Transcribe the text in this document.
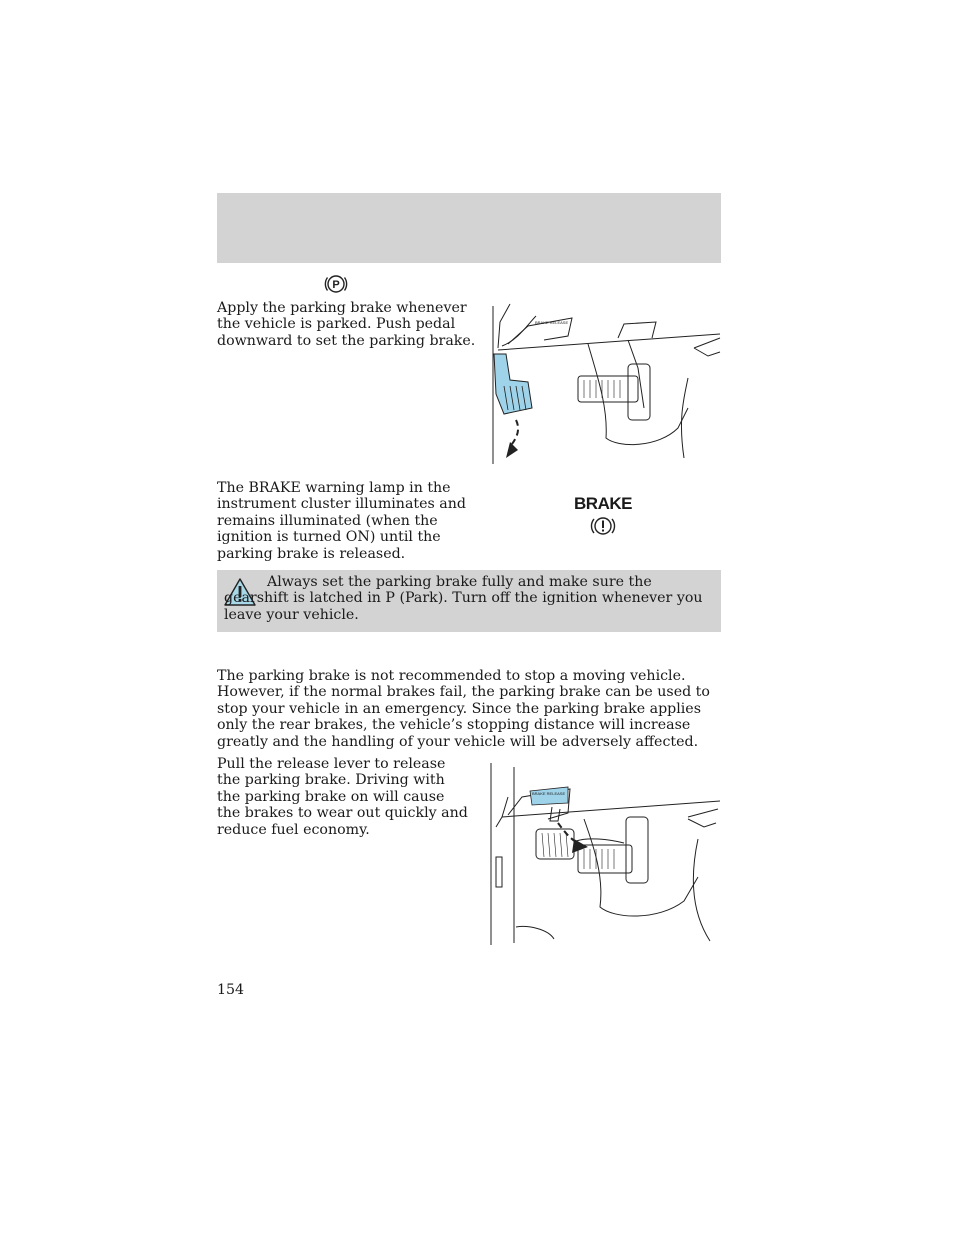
P
Apply the parking brake whenever the vehicle is parked. Push pedal downward to set the parking brake.
BRAKE RELEASE
The BRAKE warning lamp in the instrument cluster illuminates and remains illuminated (when the ignition is turned ON) until the parking brake is released.
BRAKE
Always set the parking brake fully and make sure the gearshift is latched in P (Park). Turn off the ignition whenever you leave your vehicle.
The parking brake is not recommended to stop a moving vehicle. However, if the normal brakes fail, the parking brake can be used to stop your vehicle in an emergency. Since the parking brake applies only the rear brakes, the vehicle’s stopping distance will increase greatly and the handling of your vehicle will be adversely affected.
Pull the release lever to release the parking brake. Driving with the parking brake on will cause the brakes to wear out quickly and reduce fuel economy.
BRAKE RELEASE
154
